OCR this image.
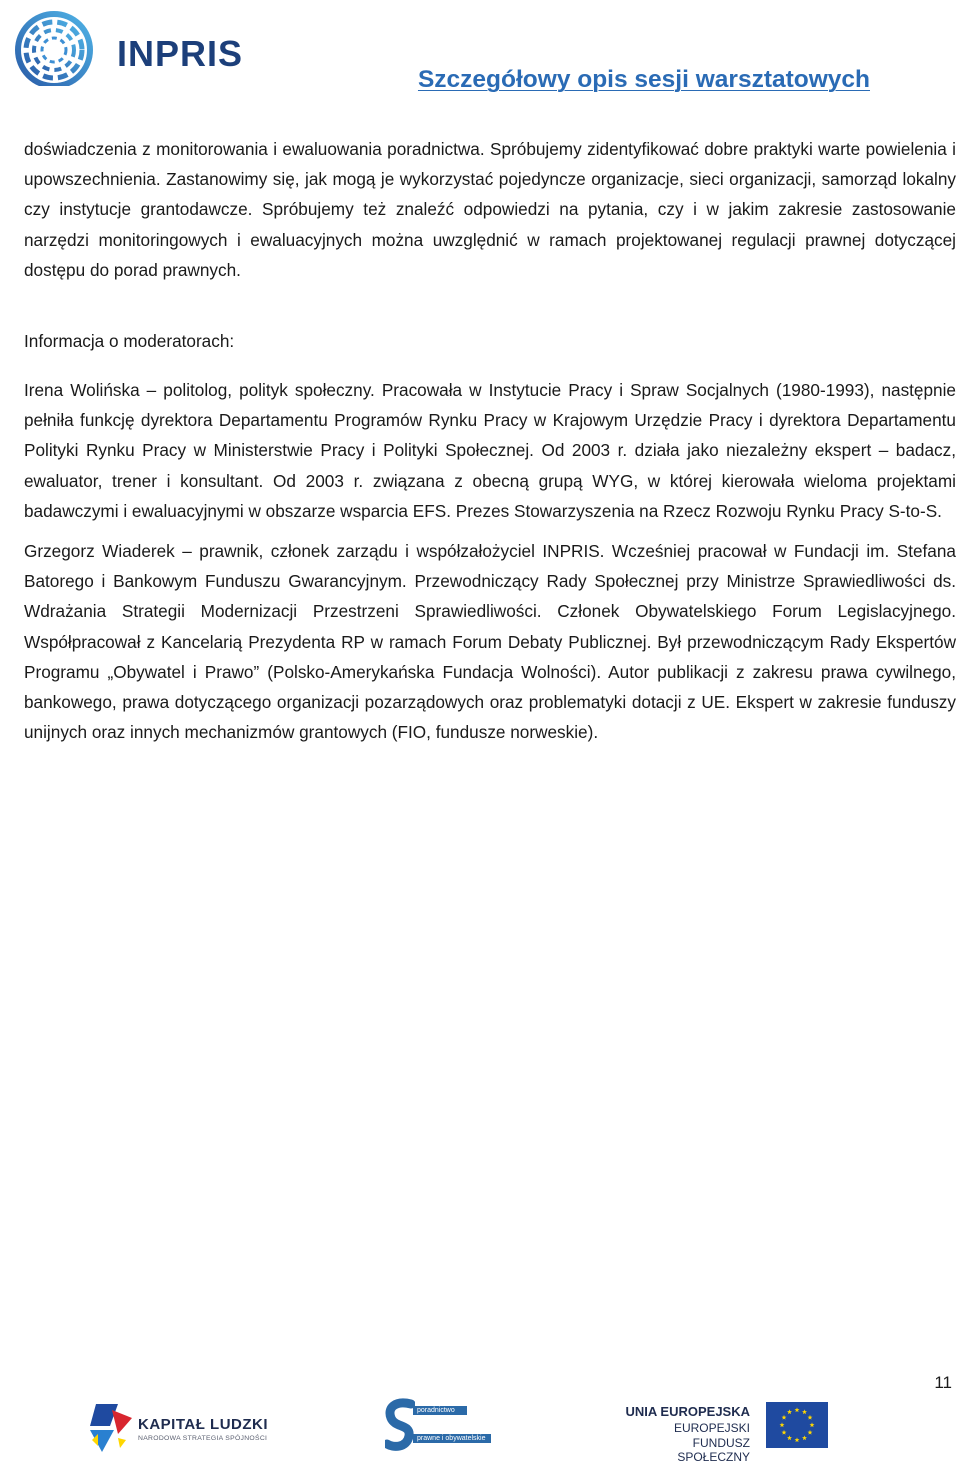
INPRIS
Szczegółowy opis sesji warsztatowych

doświadczenia z monitorowania i ewaluowania poradnictwa. Spróbujemy zidentyfikować dobre praktyki warte powielenia i upowszechnienia. Zastanowimy się, jak mogą je wykorzystać pojedyncze organizacje, sieci organizacji, samorząd lokalny czy instytucje grantodawcze. Spróbujemy też znaleźć odpowiedzi na pytania, czy i w jakim zakresie zastosowanie narzędzi monitoringowych i ewaluacyjnych można uwzględnić w ramach projektowanej regulacji prawnej dotyczącej dostępu do porad prawnych.

Informacja o moderatorach:

Irena Wolińska – politolog, polityk społeczny. Pracowała w Instytucie Pracy i Spraw Socjalnych (1980-1993), następnie pełniła funkcję dyrektora Departamentu Programów Rynku Pracy w Krajowym Urzędzie Pracy i dyrektora Departamentu Polityki Rynku Pracy w Ministerstwie Pracy i Polityki Społecznej. Od 2003 r. działa jako niezależny ekspert – badacz, ewaluator, trener i konsultant. Od 2003 r. związana z obecną grupą WYG, w której kierowała wieloma projektami badawczymi i ewaluacyjnymi w obszarze wsparcia EFS. Prezes Stowarzyszenia na Rzecz Rozwoju Rynku Pracy S-to-S.

Grzegorz Wiaderek – prawnik, członek zarządu i współzałożyciel INPRIS. Wcześniej pracował w Fundacji im. Stefana Batorego i Bankowym Funduszu Gwarancyjnym. Przewodniczący Rady Społecznej przy Ministrze Sprawiedliwości ds. Wdrażania Strategii Modernizacji Przestrzeni Sprawiedliwości. Członek Obywatelskiego Forum Legislacyjnego. Współpracował z Kancelarią Prezydenta RP w ramach Forum Debaty Publicznej. Był przewodniczącym Rady Ekspertów Programu „Obywatel i Prawo” (Polsko-Amerykańska Fundacja Wolności). Autor publikacji z zakresu prawa cywilnego, bankowego, prawa dotyczącego organizacji pozarządowych oraz problematyki dotacji z UE. Ekspert w zakresie funduszy unijnych oraz innych mechanizmów grantowych (FIO, fundusze norweskie).

11
KAPITAŁ LUDZKI
NARODOWA STRATEGIA SPÓJNOŚCI
poradnictwo
prawne i obywatelskie
UNIA EUROPEJSKA
EUROPEJSKI
FUNDUSZ SPOŁECZNY
